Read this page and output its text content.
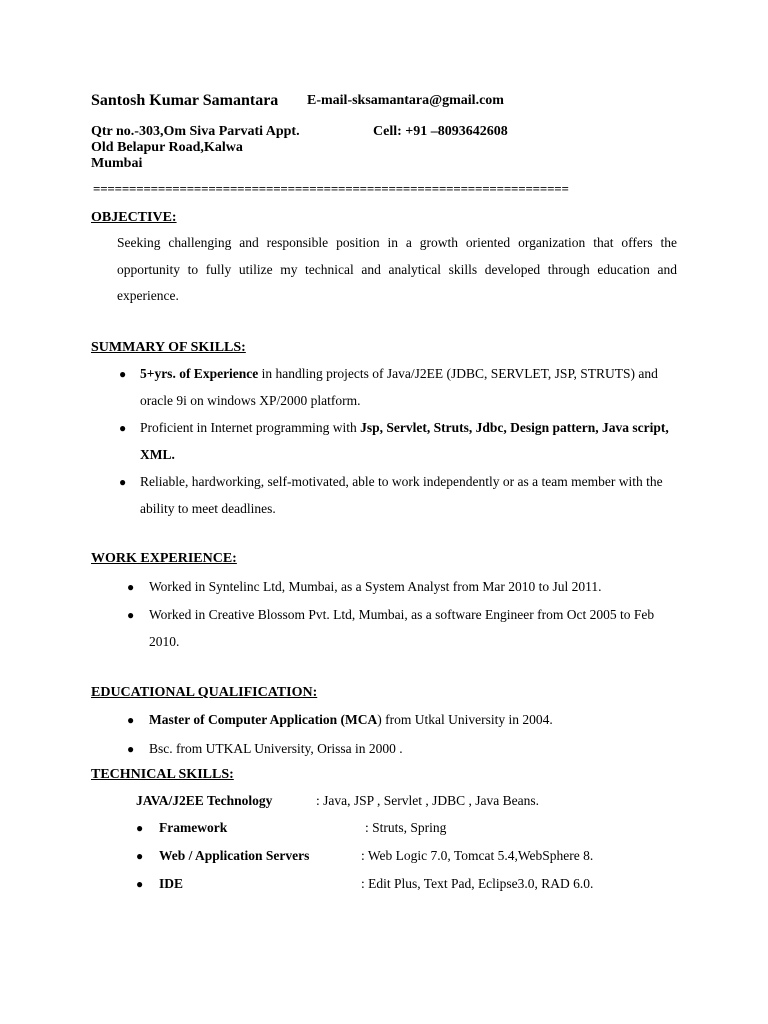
Santosh Kumar Samantara E-mail-sksamantara@gmail.com
Qtr no.-303,Om Siva Parvati Appt.	Cell: +91 –8093642608
Old Belapur Road,Kalwa
Mumbai
==================================================================
OBJECTIVE:
Seeking challenging and responsible position in a growth oriented organization that offers the opportunity to fully utilize my technical and analytical skills developed through education and experience.
SUMMARY OF SKILLS:
● 5+yrs. of Experience in handling projects of Java/J2EE (JDBC, SERVLET, JSP, STRUTS) and oracle 9i on windows XP/2000 platform.
● Proficient in Internet programming with Jsp, Servlet, Struts, Jdbc, Design pattern, Java script, XML.
● Reliable, hardworking, self-motivated, able to work independently or as a team member with the ability to meet deadlines.
WORK EXPERIENCE:
● Worked in Syntelinc Ltd, Mumbai, as a System Analyst from Mar 2010 to Jul 2011.
● Worked in Creative Blossom Pvt. Ltd, Mumbai, as a software Engineer from Oct 2005 to Feb 2010.
EDUCATIONAL QUALIFICATION:
● Master of Computer Application (MCA) from Utkal University in 2004.
● Bsc. from UTKAL University, Orissa in 2000 .
TECHNICAL SKILLS:
JAVA/J2EE Technology	: Java, JSP , Servlet , JDBC , Java Beans.
● Framework	: Struts, Spring
● Web / Application Servers	: Web Logic 7.0, Tomcat 5.4,WebSphere 8.
● IDE	: Edit Plus, Text Pad, Eclipse3.0, RAD 6.0.
